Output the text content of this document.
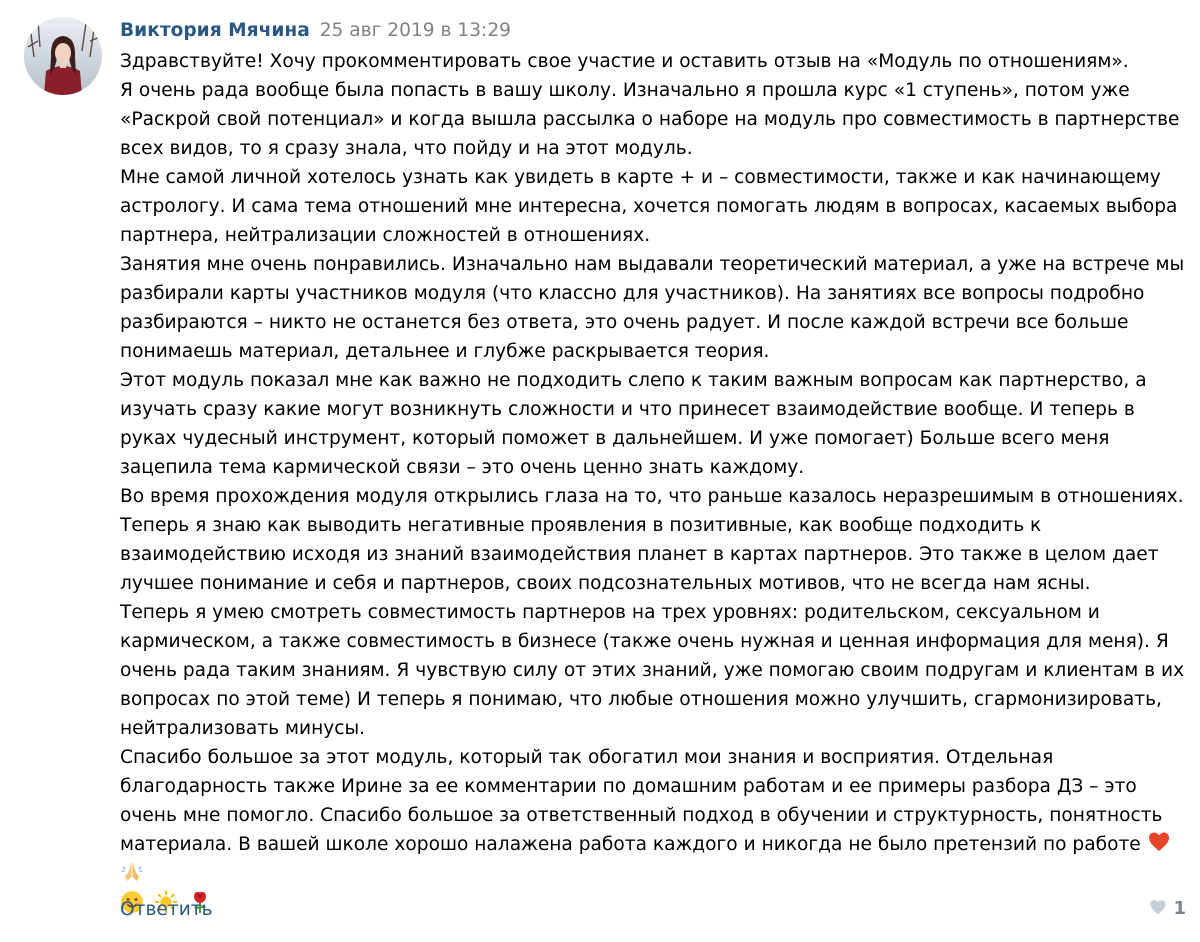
Виктория Мячина 25 авг 2019 в 13:29

Здравствуйте! Хочу прокомментировать свое участие и оставить отзыв на «Модуль по отношениям».

Я очень рада вообще была попасть в вашу школу. Изначально я прошла курс «1 ступень», потом уже «Раскрой свой потенциал» и когда вышла рассылка о наборе на модуль про совместимость в партнерстве всех видов, то я сразу знала, что пойду и на этот модуль.

Мне самой личной хотелось узнать как увидеть в карте + и – совместимости, также и как начинающему астрологу. И сама тема отношений мне интересна, хочется помогать людям в вопросах, касаемых выбора партнера, нейтрализации сложностей в отношениях.

Занятия мне очень понравились. Изначально нам выдавали теоретический материал, а уже на встрече мы разбирали карты участников модуля (что классно для участников). На занятиях все вопросы подробно разбираются – никто не останется без ответа, это очень радует. И после каждой встречи все больше понимаешь материал, детальнее и глубже раскрывается теория.

Этот модуль показал мне как важно не подходить слепо к таким важным вопросам как партнерство, а изучать сразу какие могут возникнуть сложности и что принесет взаимодействие вообще. И теперь в руках чудесный инструмент, который поможет в дальнейшем. И уже помогает) Больше всего меня зацепила тема кармической связи – это очень ценно знать каждому.

Во время прохождения модуля открылись глаза на то, что раньше казалось неразрешимым в отношениях. Теперь я знаю как выводить негативные проявления в позитивные, как вообще подходить к взаимодействию исходя из знаний взаимодействия планет в картах партнеров. Это также в целом дает лучшее понимание и себя и партнеров, своих подсознательных мотивов, что не всегда нам ясны.

Теперь я умею смотреть совместимость партнеров на трех уровнях: родительском, сексуальном и кармическом, а также совместимость в бизнесе (также очень нужная и ценная информация для меня). Я очень рада таким знаниям. Я чувствую силу от этих знаний, уже помогаю своим подругам и клиентам в их вопросах по этой теме) И теперь я понимаю, что любые отношения можно улучшить, сгармонизировать, нейтрализовать минусы.

Спасибо большое за этот модуль, который так обогатил мои знания и восприятия. Отдельная благодарность также Ирине за ее комментарии по домашним работам и ее примеры разбора ДЗ – это очень мне помогло. Спасибо большое за ответственный подход в обучении и структурность, понятность материала. В вашей школе хорошо налажена работа каждого и никогда не было претензий по работе

Ответить	1
